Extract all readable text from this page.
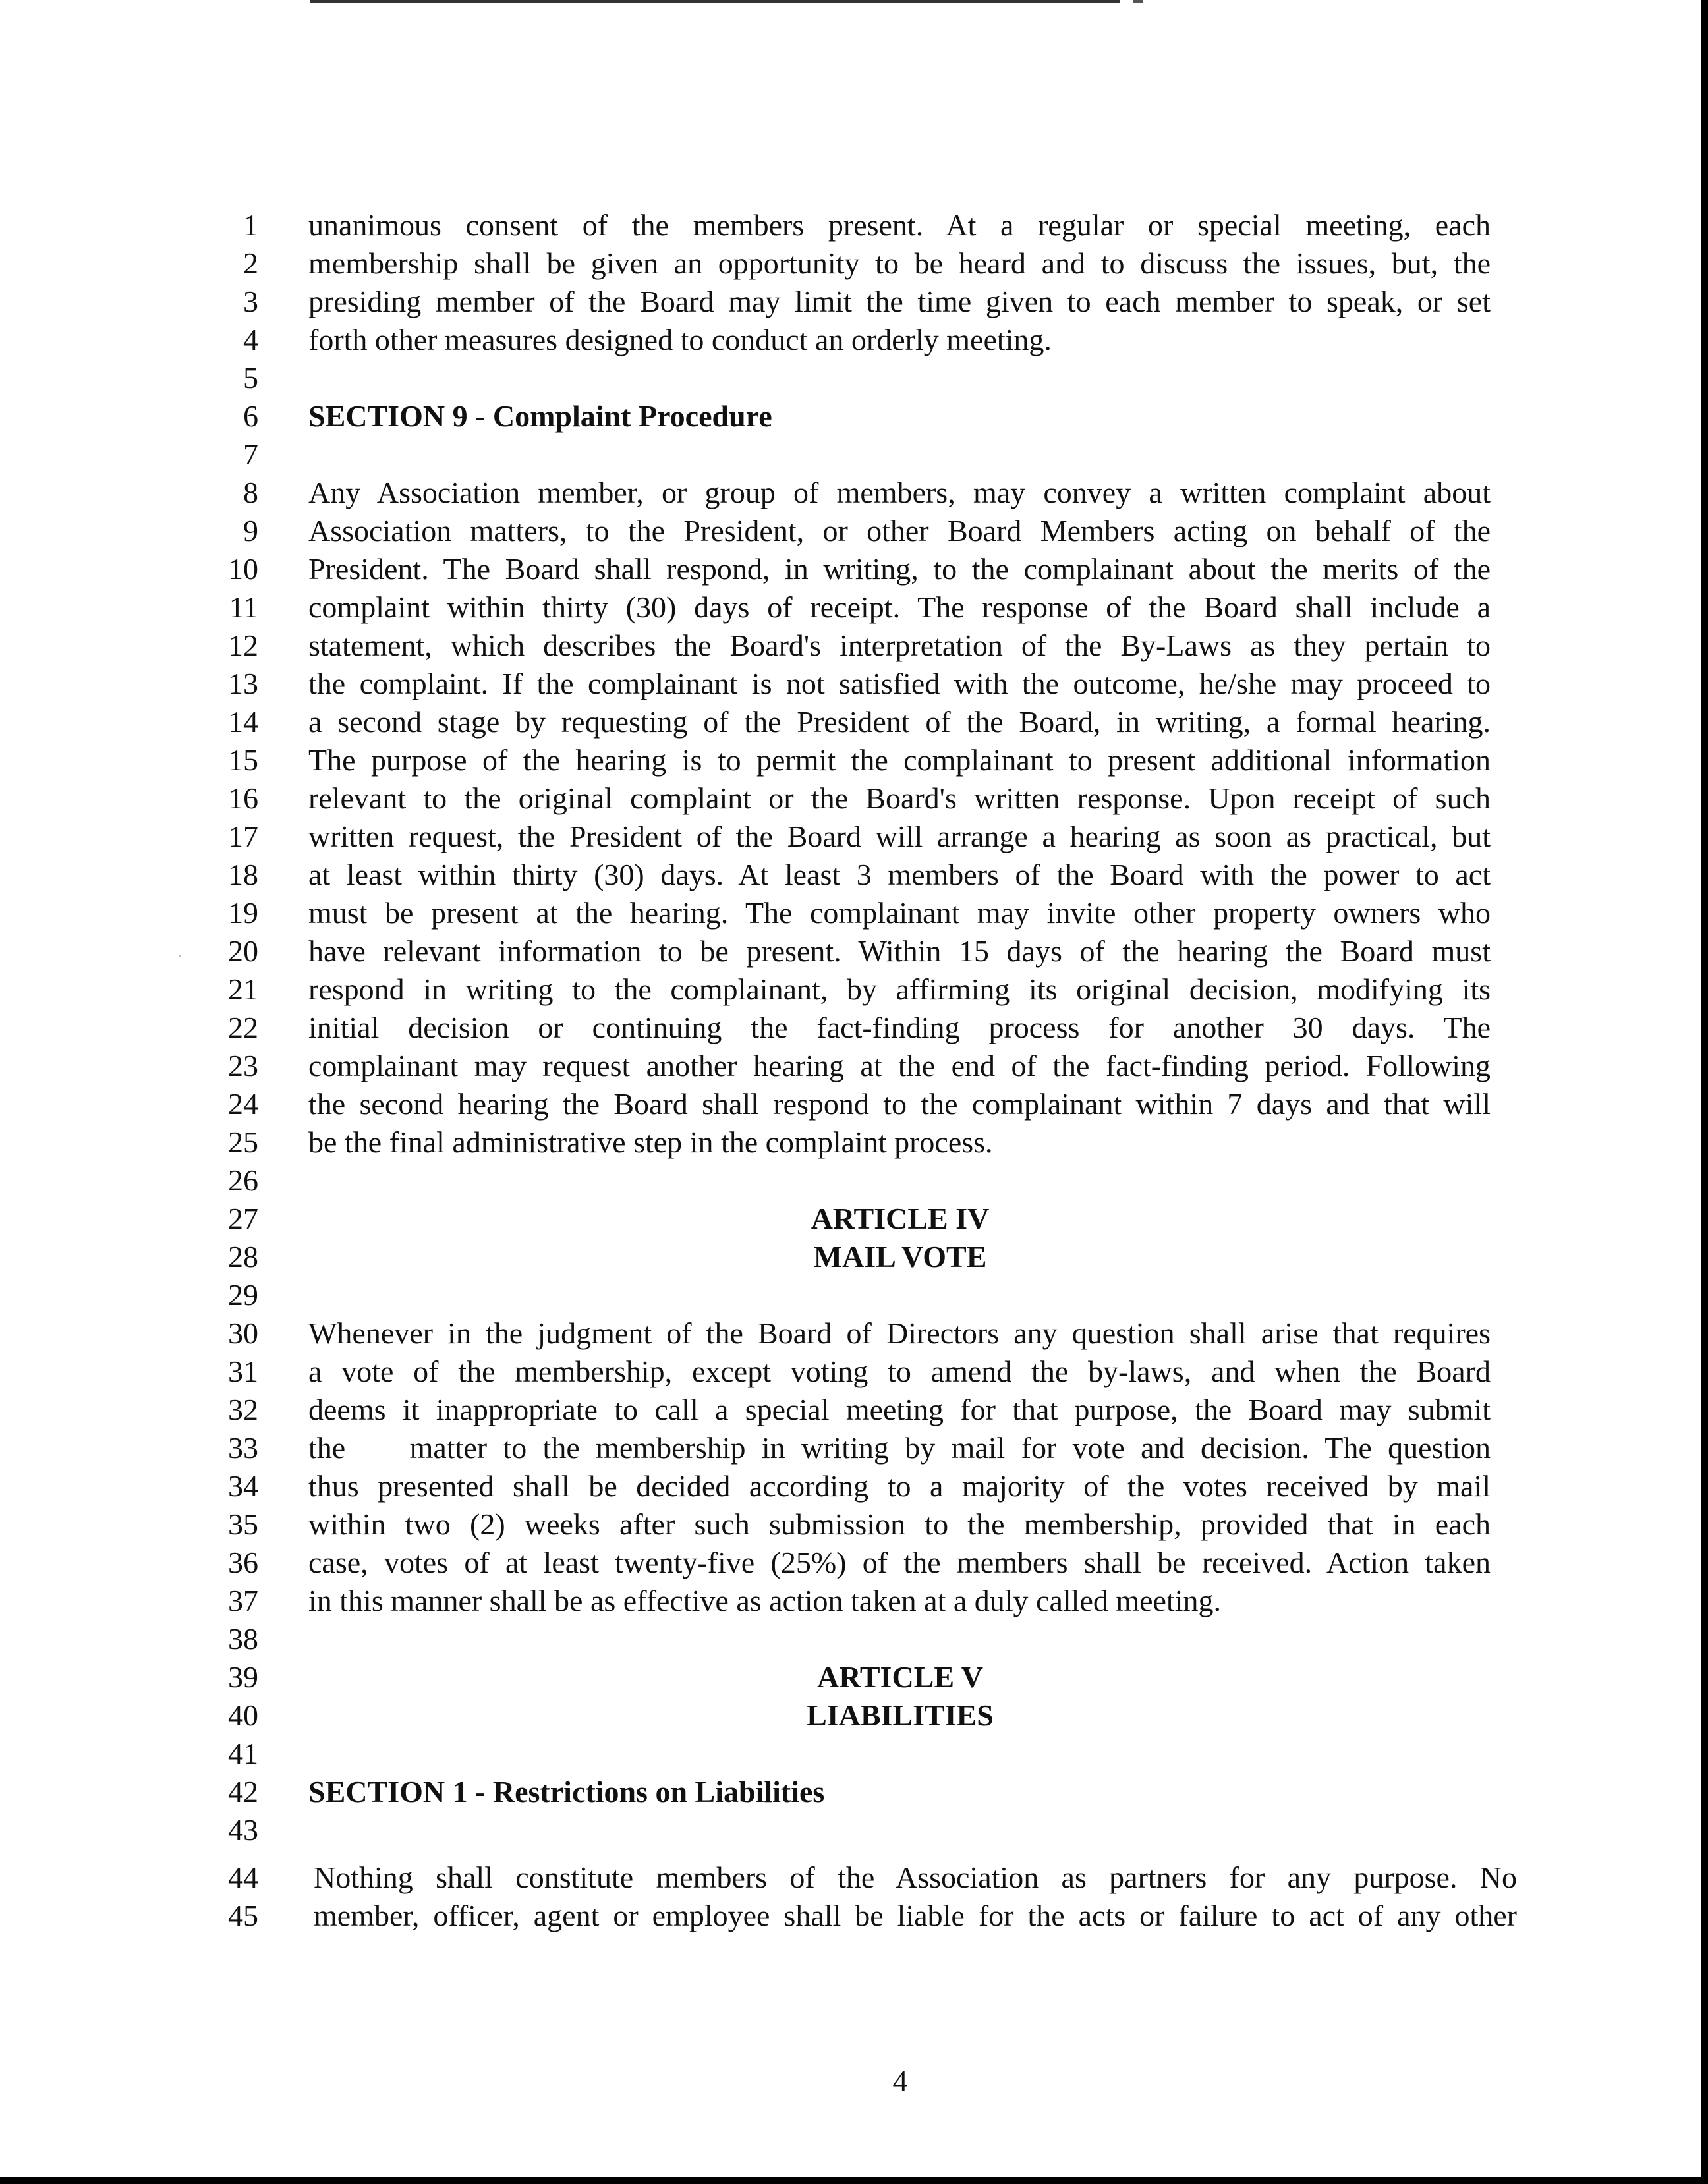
1 unanimous consent of the members present. At a regular or special meeting, each
2 membership shall be given an opportunity to be heard and to discuss the issues, but, the
3 presiding member of the Board may limit the time given to each member to speak, or set
4 forth other measures designed to conduct an orderly meeting.
5
6 SECTION 9 - Complaint Procedure
7
8 Any Association member, or group of members, may convey a written complaint about
9 Association matters, to the President, or other Board Members acting on behalf of the
10 President. The Board shall respond, in writing, to the complainant about the merits of the
11 complaint within thirty (30) days of receipt. The response of the Board shall include a
12 statement, which describes the Board's interpretation of the By-Laws as they pertain to
13 the complaint. If the complainant is not satisfied with the outcome, he/she may proceed to
14 a second stage by requesting of the President of the Board, in writing, a formal hearing.
15 The purpose of the hearing is to permit the complainant to present additional information
16 relevant to the original complaint or the Board's written response. Upon receipt of such
17 written request, the President of the Board will arrange a hearing as soon as practical, but
18 at least within thirty (30) days. At least 3 members of the Board with the power to act
19 must be present at the hearing. The complainant may invite other property owners who
20 have relevant information to be present. Within 15 days of the hearing the Board must
21 respond in writing to the complainant, by affirming its original decision, modifying its
22 initial decision or continuing the fact-finding process for another 30 days. The
23 complainant may request another hearing at the end of the fact-finding period. Following
24 the second hearing the Board shall respond to the complainant within 7 days and that will
25 be the final administrative step in the complaint process.
26
27	ARTICLE IV
28	MAIL VOTE
29
30 Whenever in the judgment of the Board of Directors any question shall arise that requires
31 a vote of the membership, except voting to amend the by-laws, and when the Board
32 deems it inappropriate to call a special meeting for that purpose, the Board may submit
33 the    matter to the membership in writing by mail for vote and decision. The question
34 thus presented shall be decided according to a majority of the votes received by mail
35 within two (2) weeks after such submission to the membership, provided that in each
36 case, votes of at least twenty-five (25%) of the members shall be received. Action taken
37 in this manner shall be as effective as action taken at a duly called meeting.
38
39	ARTICLE V
40	LIABILITIES
41
42 SECTION 1 - Restrictions on Liabilities
43
44 Nothing shall constitute members of the Association as partners for any purpose. No
45 member, officer, agent or employee shall be liable for the acts or failure to act of any other
4
